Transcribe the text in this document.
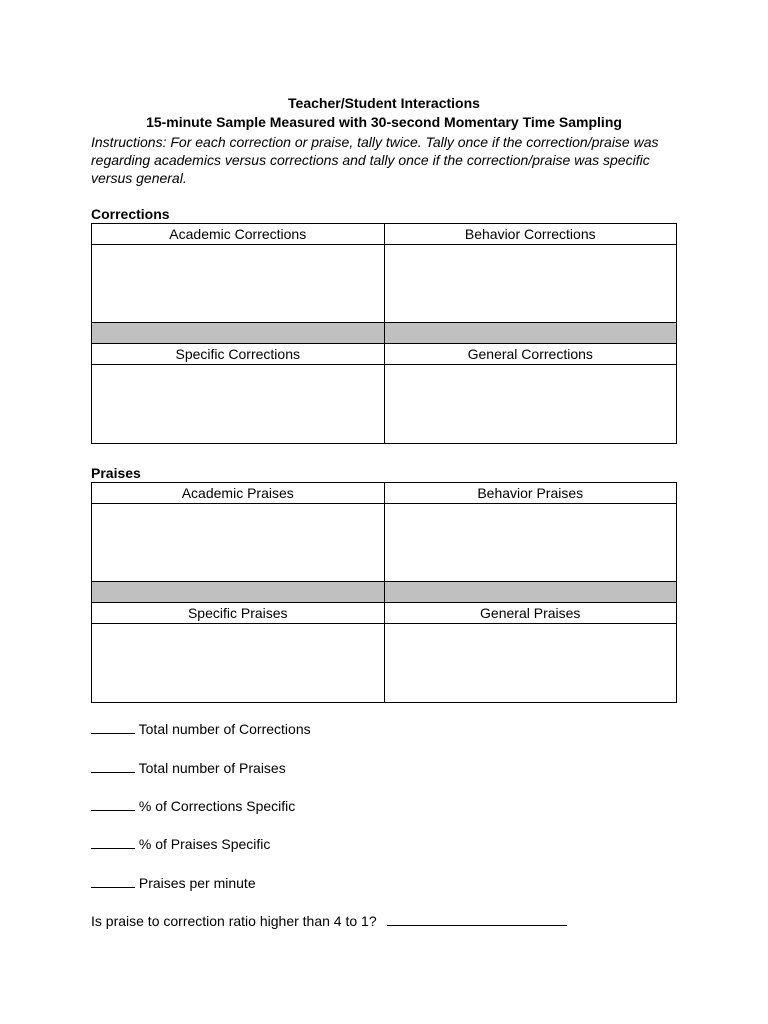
Teacher/Student Interactions
15-minute Sample Measured with 30-second Momentary Time Sampling
Instructions: For each correction or praise, tally twice. Tally once if the correction/praise was regarding academics versus corrections and tally once if the correction/praise was specific versus general.
Corrections
Academic Corrections	Behavior Corrections
Specific Corrections	General Corrections
Praises
Academic Praises	Behavior Praises
Specific Praises	General Praises
Total number of Corrections
Total number of Praises
% of Corrections Specific
% of Praises Specific
Praises per minute
Is praise to correction ratio higher than 4 to 1?
